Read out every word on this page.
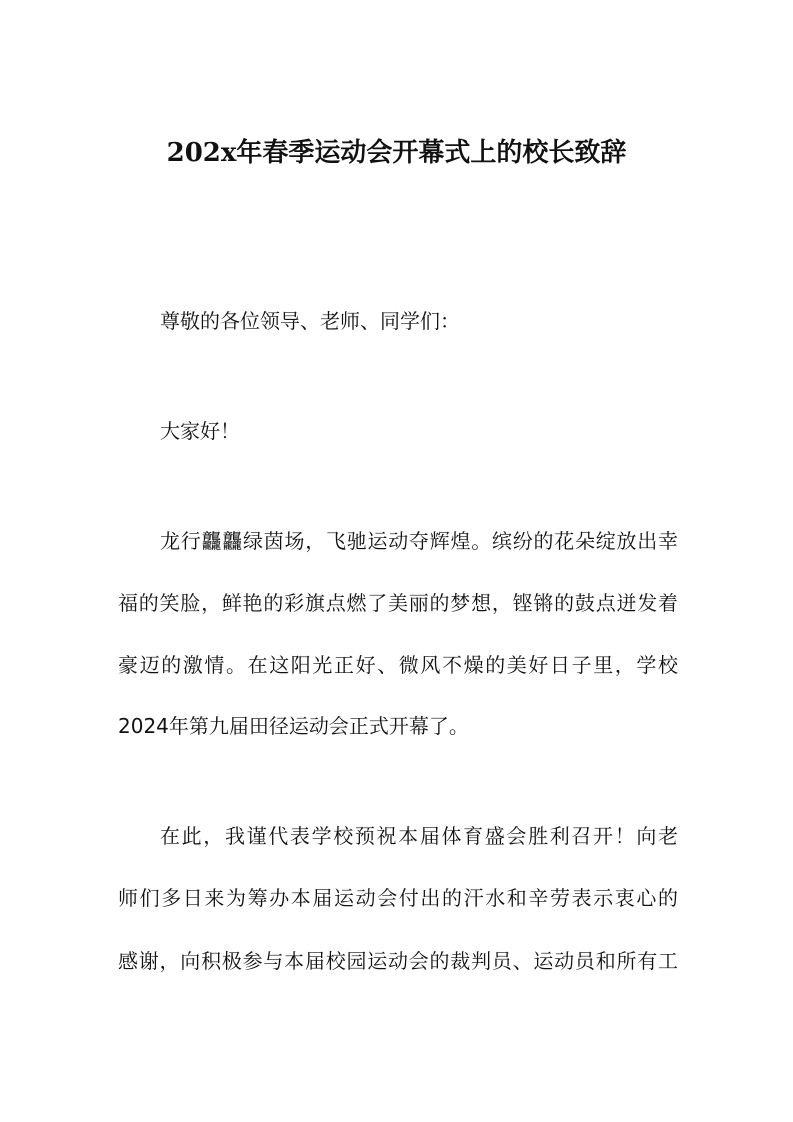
202x年春季运动会开幕式上的校长致辞
尊敬的各位领导、老师、同学们：
大家好！
龙行龘龘绿茵场，飞驰运动夺辉煌。缤纷的花朵绽放出幸
福的笑脸，鲜艳的彩旗点燃了美丽的梦想，铿锵的鼓点迸发着
豪迈的激情。在这阳光正好、微风不燥的美好日子里，学校
2024年第九届田径运动会正式开幕了。
在此，我谨代表学校预祝本届体育盛会胜利召开！向老
师们多日来为筹办本届运动会付出的汗水和辛劳表示衷心的
感谢，向积极参与本届校园运动会的裁判员、运动员和所有工
